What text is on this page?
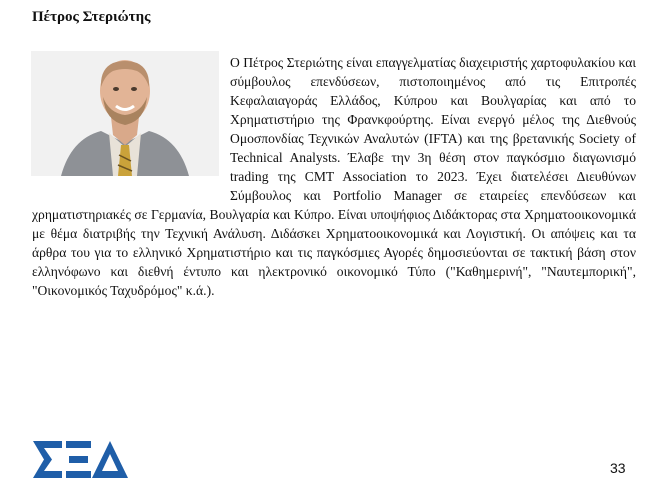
Πέτρος Στεριώτης
Ο Πέτρος Στεριώτης είναι επαγγελματίας διαχειριστής χαρτοφυλακίου και σύμβουλος επενδύσεων, πιστοποιημένος από τις Επιτροπές Κεφαλαιαγοράς Ελλάδος, Κύπρου και Βουλγαρίας και από το Χρηματιστήριο της Φρανκφούρτης. Είναι ενεργό μέλος της Διεθνούς Ομοσπονδίας Τεχνικών Αναλυτών (IFTA) και της βρετανικής Society of Technical Analysts. Έλαβε την 3η θέση στον παγκόσμιο διαγωνισμό trading της CMT Association το 2023. Έχει διατελέσει Διευθύνων Σύμβουλος και Portfolio Manager σε εταιρείες επενδύσεων και χρηματιστηριακές σε Γερμανία, Βουλγαρία και Κύπρο. Είναι υποψήφιος Διδάκτορας στα Χρηματοοικονομικά με θέμα διατριβής την Τεχνική Ανάλυση. Διδάσκει Χρηματοοικονομικά και Λογιστική. Οι απόψεις και τα άρθρα του για το ελληνικό Χρηματιστήριο και τις παγκόσμιες Αγορές δημοσιεύονται σε τακτική βάση στον ελληνόφωνο και διεθνή έντυπο και ηλεκτρονικό οικονομικό Τύπο ("Καθημερινή", "Ναυτεμπορική", "Οικονομικός Ταχυδρόμος" κ.ά.).
33
